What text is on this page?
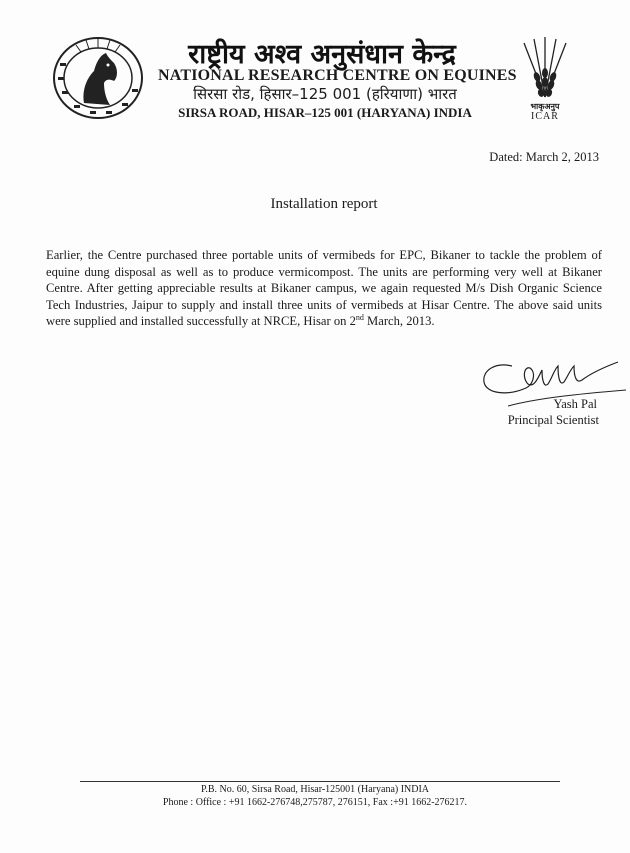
राष्ट्रीय अश्व अनुसंधान केन्द्र
NATIONAL RESEARCH CENTRE ON EQUINES
सिरसा रोड, हिसार–125 001 (हरियाणा) भारत
SIRSA ROAD, HISAR–125 001 (HARYANA) INDIA	भाकृअनुप
ICAR
Dated: March 2, 2013
Installation report
Earlier, the Centre purchased three portable units of vermibeds for EPC, Bikaner to tackle the problem of
equine dung disposal as well as to produce vermicompost. The units are performing very well at Bikaner
Centre. After getting appreciable results at Bikaner campus, we again requested M/s Dish Organic Science
Tech Industries, Jaipur to supply and install three units of vermibeds at Hisar Centre. The above said units
were supplied and installed successfully at NRCE, Hisar on 2nd March, 2013.
Yash Pal
Principal Scientist
P.B. No. 60, Sirsa Road, Hisar-125001 (Haryana) INDIA
Phone : Office : +91 1662-276748,275787, 276151, Fax :+91 1662-276217.
